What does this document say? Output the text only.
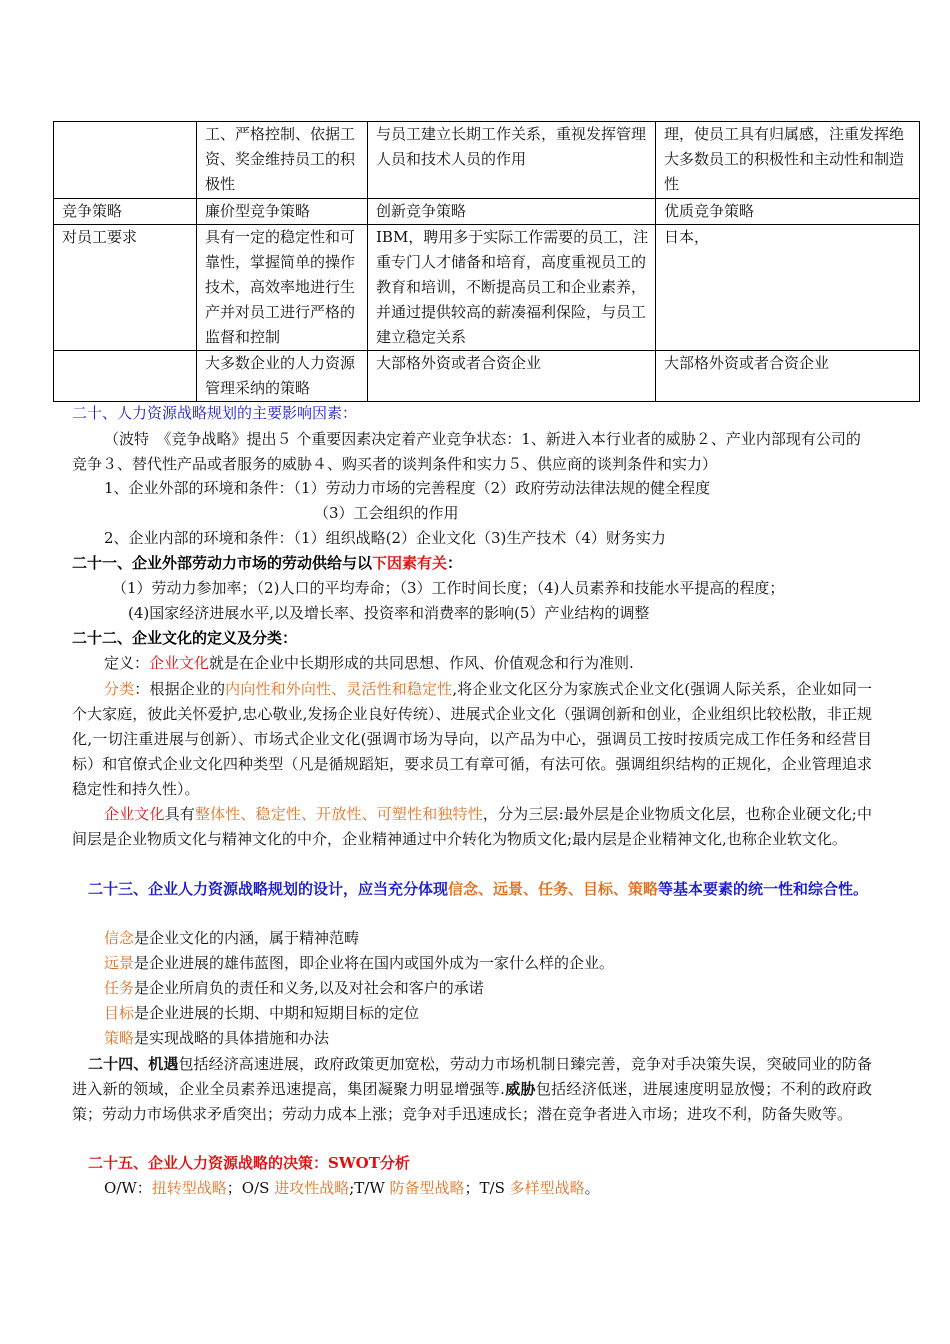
	工、严格控制、依据工资、奖金维持员工的积极性	与员工建立长期工作关系，重视发挥管理人员和技术人员的作用	理，使员工具有归属感，注重发挥绝大多数员工的积极性和主动性和制造性
竞争策略	廉价型竞争策略	创新竞争策略	优质竞争策略
对员工要求	具有一定的稳定性和可靠性，掌握简单的操作技术，高效率地进行生产并对员工进行严格的监督和控制	IBM，聘用多于实际工作需要的员工，注重专门人才储备和培育，高度重视员工的教育和培训，不断提高员工和企业素养，并通过提供较高的薪凑福利保险，与员工建立稳定关系	日本，
	大多数企业的人力资源管理采纳的策略	大部格外资或者合资企业	大部格外资或者合资企业
二十、人力资源战略规划的主要影响因素：
（波特　《竞争战略》提出５ 个重要因素决定着产业竞争状态：1、新进入本行业者的威胁２、产业内部现有公司的竞争３、替代性产品或者服务的威胁４、购买者的谈判条件和实力５、供应商的谈判条件和实力）
1、企业外部的环境和条件：（1）劳动力市场的完善程度（2）政府劳动法律法规的健全程度
（3）工会组织的作用
2、企业内部的环境和条件：（1）组织战略(2）企业文化（3)生产技术（4）财务实力
二十一、企业外部劳动力市场的劳动供给与以下因素有关：
（1）劳动力参加率；（2)人口的平均寿命；（3）工作时间长度；（4)人员素养和技能水平提高的程度；
(4)国家经济进展水平,以及增长率、投资率和消费率的影响(5）产业结构的调整
二十二、企业文化的定义及分类：
定义：企业文化就是在企业中长期形成的共同思想、作风、价值观念和行为准则.
分类：根据企业的内向性和外向性、灵活性和稳定性,将企业文化区分为家族式企业文化(强调人际关系，企业如同一个大家庭，彼此关怀爱护,忠心敬业,发扬企业良好传统）、进展式企业文化（强调创新和创业，企业组织比较松散，非正规化,一切注重进展与创新）、市场式企业文化(强调市场为导向，以产品为中心，强调员工按时按质完成工作任务和经营目标）和官僚式企业文化四种类型（凡是循规蹈矩，要求员工有章可循，有法可依。强调组织结构的正规化，企业管理追求稳定性和持久性）。
企业文化具有整体性、稳定性、开放性、可塑性和独特性，分为三层:最外层是企业物质文化层，也称企业硬文化;中间层是企业物质文化与精神文化的中介，企业精神通过中介转化为物质文化;最内层是企业精神文化,也称企业软文化。
二十三、企业人力资源战略规划的设计，应当充分体现信念、远景、任务、目标、策略等基本要素的统一性和综合性。
信念是企业文化的内涵，属于精神范畴
远景是企业进展的雄伟蓝图，即企业将在国内或国外成为一家什么样的企业。
任务是企业所肩负的责任和义务,以及对社会和客户的承诺
目标是企业进展的长期、中期和短期目标的定位
策略是实现战略的具体措施和办法
二十四、机遇包括经济高速进展，政府政策更加宽松，劳动力市场机制日臻完善，竞争对手决策失误，突破同业的防备进入新的领域，企业全员素养迅速提高，集团凝聚力明显增强等.威胁包括经济低迷，进展速度明显放慢；不利的政府政策；劳动力市场供求矛盾突出；劳动力成本上涨；竞争对手迅速成长；潜在竞争者进入市场；进攻不利，防备失败等。
二十五、企业人力资源战略的决策：SWOT分析
O/W：扭转型战略；O/S 进攻性战略;T/W 防备型战略；T/S 多样型战略。
